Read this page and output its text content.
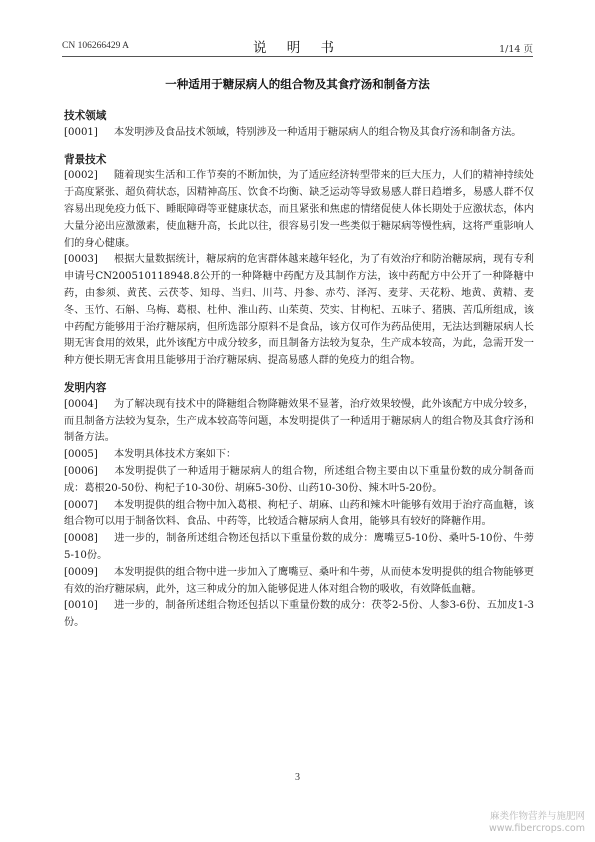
CN 106266429 A	说 明 书	1/14 页
一种适用于糖尿病人的组合物及其食疗汤和制备方法
技术领域
[0001] 本发明涉及食品技术领域，特别涉及一种适用于糖尿病人的组合物及其食疗汤和制备方法。
背景技术
[0002] 随着现实生活和工作节奏的不断加快，为了适应经济转型带来的巨大压力，人们的精神持续处于高度紧张、超负荷状态，因精神高压、饮食不均衡、缺乏运动等导致易感人群日趋增多，易感人群不仅容易出现免疫力低下、睡眠障碍等亚健康状态，而且紧张和焦虑的情绪促使人体长期处于应激状态，体内大量分泌出应激激素，使血糖升高，长此以往，很容易引发一些类似于糖尿病等慢性病，这将严重影响人们的身心健康。
[0003] 根据大量数据统计，糖尿病的危害群体越来越年轻化，为了有效治疗和防治糖尿病，现有专利申请号CN200510118948.8公开的一种降糖中药配方及其制作方法，该中药配方中公开了一种降糖中药，由参须、黄芪、云茯苓、知母、当归、川芎、丹参、赤芍、泽泻、麦芽、天花粉、地黄、黄精、麦冬、玉竹、石斛、乌梅、葛根、杜仲、淮山药、山茱萸、芡实、甘枸杞、五味子、猪胰、苦瓜所组成，该中药配方能够用于治疗糖尿病，但所选部分原料不是食品，该方仅可作为药品使用，无法达到糖尿病人长期无害食用的效果，此外该配方中成分较多，而且制备方法较为复杂，生产成本较高，为此，急需开发一种方便长期无害食用且能够用于治疗糖尿病、提高易感人群的免疫力的组合物。
发明内容
[0004] 为了解决现有技术中的降糖组合物降糖效果不显著，治疗效果较慢，此外该配方中成分较多，而且制备方法较为复杂，生产成本较高等问题，本发明提供了一种适用于糖尿病人的组合物及其食疗汤和制备方法。
[0005] 本发明具体技术方案如下：
[0006] 本发明提供了一种适用于糖尿病人的组合物，所述组合物主要由以下重量份数的成分制备而成：葛根20-50份、枸杞子10-30份、胡麻5-30份、山药10-30份、辣木叶5-20份。
[0007] 本发明提供的组合物中加入葛根、枸杞子、胡麻、山药和辣木叶能够有效用于治疗高血糖，该组合物可以用于制备饮料、食品、中药等，比较适合糖尿病人食用，能够具有较好的降糖作用。
[0008] 进一步的，制备所述组合物还包括以下重量份数的成分：鹰嘴豆5-10份、桑叶5-10份、牛蒡5-10份。
[0009] 本发明提供的组合物中进一步加入了鹰嘴豆、桑叶和牛蒡，从而使本发明提供的组合物能够更有效的治疗糖尿病，此外，这三种成分的加入能够促进人体对组合物的吸收，有效降低血糖。
[0010] 进一步的，制备所述组合物还包括以下重量份数的成分：茯苓2-5份、人参3-6份、五加皮1-3份。
3
麻类作物营养与施肥网
www.fibercrops.com
